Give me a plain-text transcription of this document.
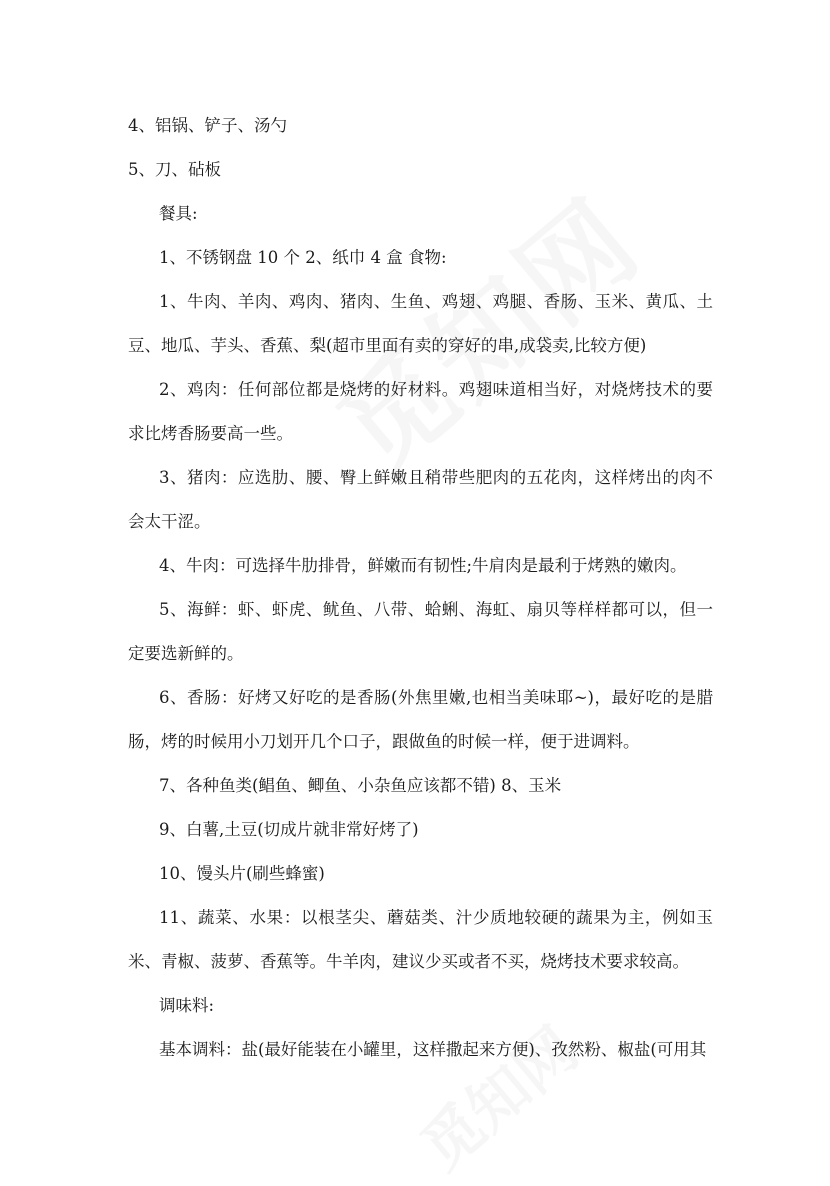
4、铝锅、铲子、汤勺
5、刀、砧板
餐具:
1、不锈钢盘 10 个 2、纸巾 4 盒 食物:

1、牛肉、羊肉、鸡肉、猪肉、生鱼、鸡翅、鸡腿、香肠、玉米、黄瓜、土豆、地瓜、芋头、香蕉、梨(超市里面有卖的穿好的串,成袋卖,比较方便)

2、鸡肉：任何部位都是烧烤的好材料。鸡翅味道相当好，对烧烤技术的要求比烤香肠要高一些。

3、猪肉：应选肋、腰、臀上鲜嫩且稍带些肥肉的五花肉，这样烤出的肉不会太干涩。

4、牛肉：可选择牛肋排骨，鲜嫩而有韧性;牛肩肉是最利于烤熟的嫩肉。

5、海鲜：虾、虾虎、鱿鱼、八带、蛤蜊、海虹、扇贝等样样都可以，但一定要选新鲜的。

6、香肠：好烤又好吃的是香肠(外焦里嫩,也相当美味耶~)，最好吃的是腊肠，烤的时候用小刀划开几个口子，跟做鱼的时候一样，便于进调料。

7、各种鱼类(鲳鱼、鲫鱼、小杂鱼应该都不错) 8、玉米
9、白薯,土豆(切成片就非常好烤了)
10、馒头片(刷些蜂蜜)

11、蔬菜、水果：以根茎尖、蘑菇类、汁少质地较硬的蔬果为主，例如玉米、青椒、菠萝、香蕉等。牛羊肉，建议少买或者不买，烧烤技术要求较高。

调味料:
基本调料：盐(最好能装在小罐里，这样撒起来方便)、孜然粉、椒盐(可用其
